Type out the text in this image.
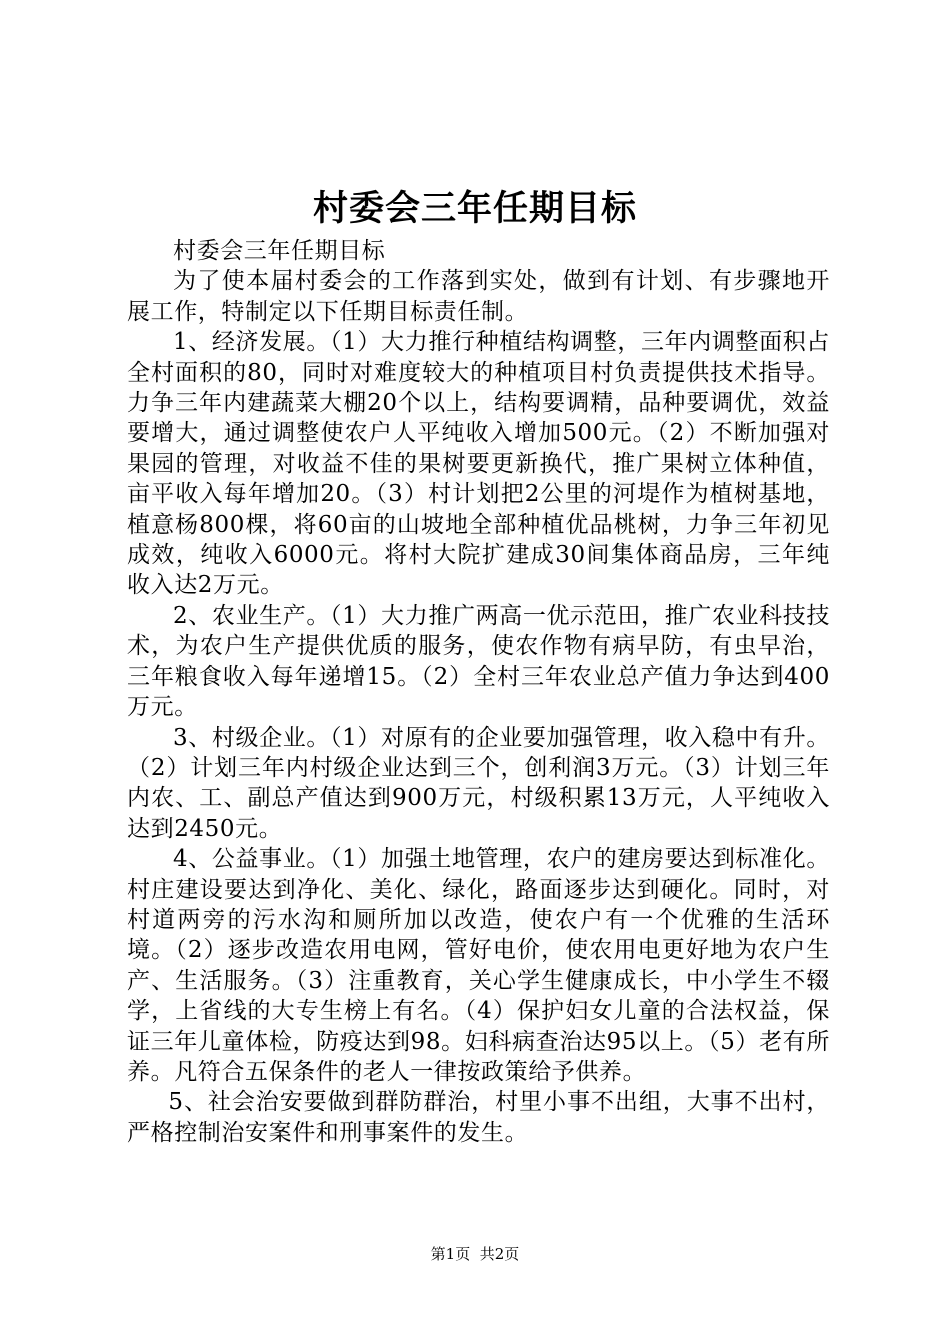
村委会三年任期目标

村委会三年任期目标

为了使本届村委会的工作落到实处，做到有计划、有步骤地开展工作，特制定以下任期目标责任制。

1、经济发展。（1）大力推行种植结构调整，三年内调整面积占全村面积的80，同时对难度较大的种植项目村负责提供技术指导。力争三年内建蔬菜大棚20个以上，结构要调精，品种要调优，效益要增大，通过调整使农户人平纯收入增加500元。（2）不断加强对果园的管理，对收益不佳的果树要更新换代，推广果树立体种值，亩平收入每年增加20。（3）村计划把2公里的河堤作为植树基地，植意杨800棵，将60亩的山坡地全部种植优品桃树，力争三年初见成效，纯收入6000元。将村大院扩建成30间集体商品房，三年纯收入达2万元。

2、农业生产。（1）大力推广两高一优示范田，推广农业科技技术，为农户生产提供优质的服务，使农作物有病早防，有虫早治，三年粮食收入每年递增15。（2）全村三年农业总产值力争达到400万元。

3、村级企业。（1）对原有的企业要加强管理，收入稳中有升。（2）计划三年内村级企业达到三个，创利润3万元。（3）计划三年内农、工、副总产值达到900万元，村级积累13万元，人平纯收入达到2450元。

4、公益事业。（1）加强土地管理，农户的建房要达到标准化。村庄建设要达到净化、美化、绿化，路面逐步达到硬化。同时，对村道两旁的污水沟和厕所加以改造，使农户有一个优雅的生活环境。（2）逐步改造农用电网，管好电价，使农用电更好地为农户生产、生活服务。（3）注重教育，关心学生健康成长，中小学生不辍学，上省线的大专生榜上有名。（4）保护妇女儿童的合法权益，保证三年儿童体检，防疫达到98。妇科病查治达95以上。（5）老有所养。凡符合五保条件的老人一律按政策给予供养。

5、社会治安要做到群防群治，村里小事不出组，大事不出村，严格控制治安案件和刑事案件的发生。

第1页 共2页
